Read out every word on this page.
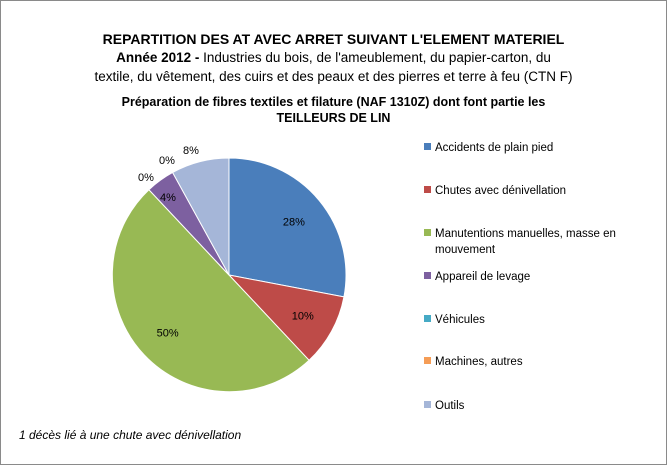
REPARTITION DES AT AVEC ARRET SUIVANT L'ELEMENT MATERIEL
Année 2012 - Industries du bois, de l'ameublement, du papier-carton, du
textile, du vêtement, des cuirs et des peaux et des pierres et terre à feu (CTN F)
Préparation de fibres textiles et filature (NAF 1310Z) dont font partie les
TEILLEURS DE LIN
28%
10%
50%
4%
0%
0%
8%	Accidents de plain pied
Chutes avec dénivellation
Manutentions manuelles, masse en mouvement
Appareil de levage
Véhicules
Machines, autres
Outils
1 décès lié à une chute avec dénivellation
